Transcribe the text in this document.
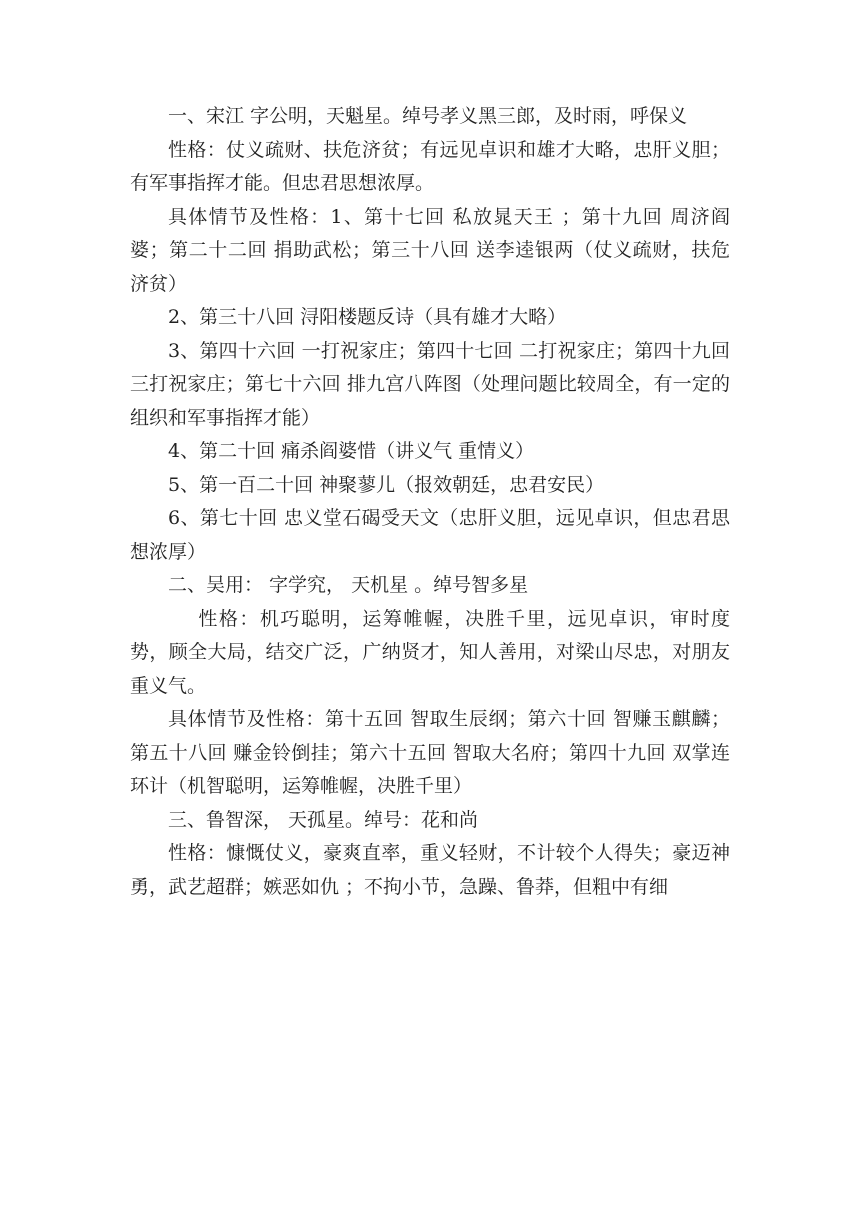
一、宋江 字公明，天魁星。绰号孝义黑三郎，及时雨，呼保义

性格：仗义疏财、扶危济贫；有远见卓识和雄才大略，忠肝义胆；有军事指挥才能。但忠君思想浓厚。

具体情节及性格：1、第十七回 私放晁天王 ；第十九回 周济阎婆；第二十二回 捐助武松；第三十八回 送李逵银两（仗义疏财，扶危济贫）

2、第三十八回 浔阳楼题反诗（具有雄才大略）

3、第四十六回 一打祝家庄；第四十七回 二打祝家庄；第四十九回 三打祝家庄；第七十六回 排九宫八阵图（处理问题比较周全，有一定的组织和军事指挥才能）

4、第二十回 痛杀阎婆惜（讲义气 重情义）

5、第一百二十回 神聚蓼儿（报效朝廷，忠君安民）

6、第七十回 忠义堂石碣受天文（忠肝义胆，远见卓识，但忠君思想浓厚）

二、吴用： 字学究， 天机星 。绰号智多星

性格：机巧聪明，运筹帷幄，决胜千里，远见卓识，审时度势，顾全大局，结交广泛，广纳贤才，知人善用，对梁山尽忠，对朋友重义气。

具体情节及性格：第十五回 智取生辰纲；第六十回 智赚玉麒麟；第五十八回 赚金铃倒挂；第六十五回 智取大名府；第四十九回 双掌连环计（机智聪明，运筹帷幄，决胜千里）

三、鲁智深， 天孤星。绰号：花和尚

性格：慷慨仗义，豪爽直率，重义轻财，不计较个人得失；豪迈神勇，武艺超群；嫉恶如仇 ；不拘小节，急躁、鲁莽，但粗中有细
